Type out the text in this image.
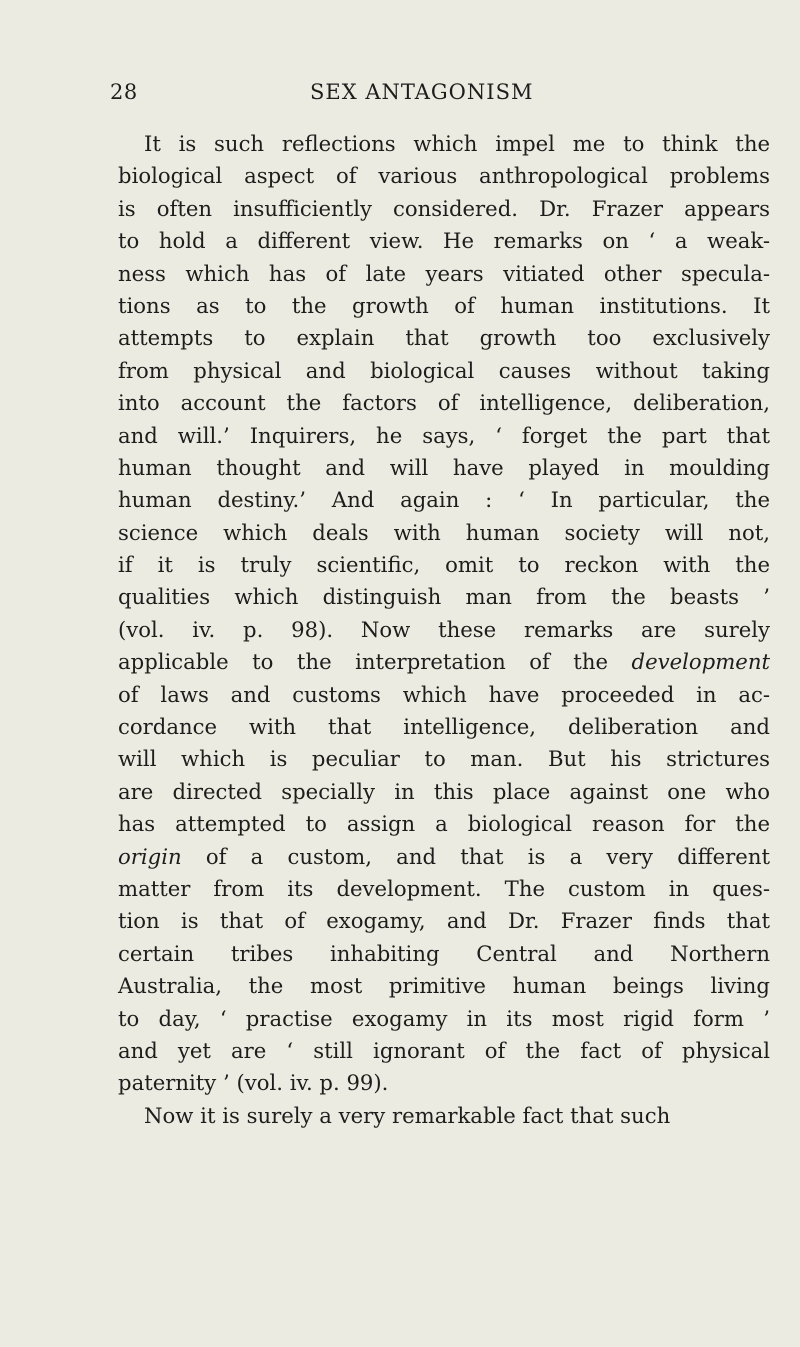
28	SEX ANTAGONISM
It is such reflections which impel me to think the
biological aspect of various anthropological problems
is often insufficiently considered. Dr. Frazer appears
to hold a different view. He remarks on ‘ a weak-
ness which has of late years vitiated other specula-
tions as to the growth of human institutions. It
attempts to explain that growth too exclusively
from physical and biological causes without taking
into account the factors of intelligence, deliberation,
and will.’ Inquirers, he says, ‘ forget the part that
human thought and will have played in moulding
human destiny.’ And again : ‘ In particular, the
science which deals with human society will not,
if it is truly scientific, omit to reckon with the
qualities which distinguish man from the beasts ’
(vol. iv. p. 98). Now these remarks are surely
applicable to the interpretation of the development
of laws and customs which have proceeded in ac-
cordance with that intelligence, deliberation and
will which is peculiar to man. But his strictures
are directed specially in this place against one who
has attempted to assign a biological reason for the
origin of a custom, and that is a very different
matter from its development. The custom in ques-
tion is that of exogamy, and Dr. Frazer finds that
certain tribes inhabiting Central and Northern
Australia, the most primitive human beings living
to day, ‘ practise exogamy in its most rigid form ’
and yet are ‘ still ignorant of the fact of physical
paternity ’ (vol. iv. p. 99).
Now it is surely a very remarkable fact that such
